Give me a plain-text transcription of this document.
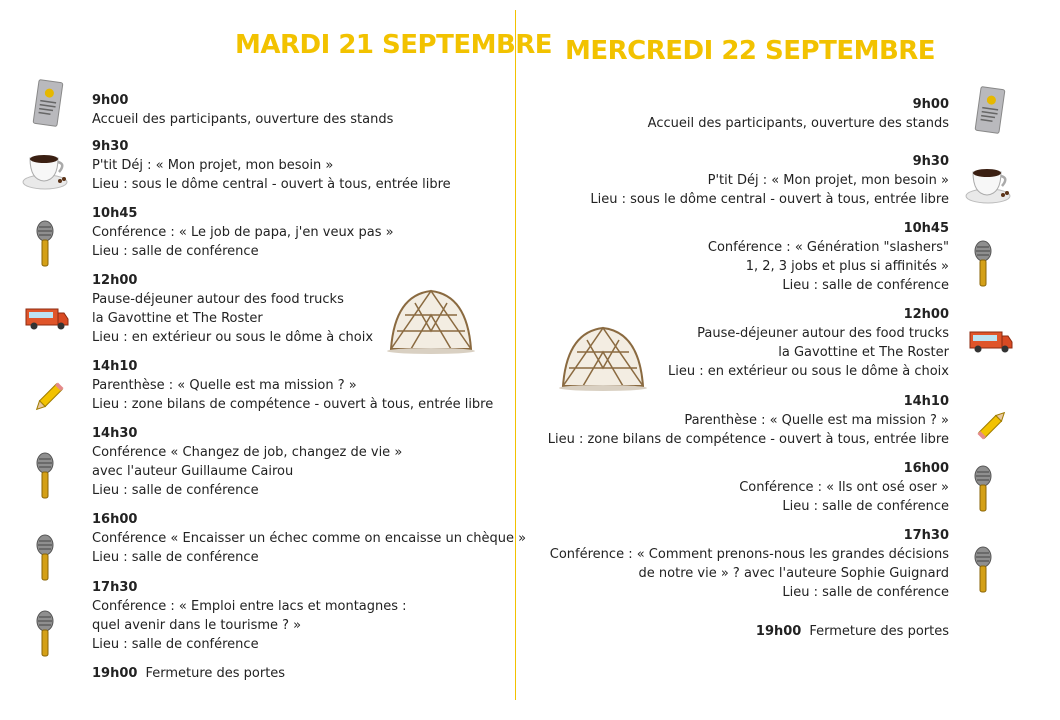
MARDI 21 SEPTEMBRE
9h00
Accueil des participants, ouverture des stands
9h30
P'tit Déj : « Mon projet, mon besoin »
Lieu : sous le dôme central - ouvert à tous, entrée libre
10h45
Conférence : « Le job de papa, j'en veux pas »
Lieu : salle de conférence
12h00
Pause-déjeuner autour des food trucks
la Gavottine et The Roster
Lieu : en extérieur ou sous le dôme à choix
14h10
Parenthèse : « Quelle est ma mission ? »
Lieu : zone bilans de compétence - ouvert à tous, entrée libre
14h30
Conférence « Changez de job, changez de vie »
avec l'auteur Guillaume Cairou
Lieu : salle de conférence
16h00
Conférence « Encaisser un échec comme on encaisse un chèque »
Lieu : salle de conférence
17h30
Conférence : « Emploi entre lacs et montagnes :
quel avenir dans le tourisme ? »
Lieu : salle de conférence
19h00 Fermeture des portes
MERCREDI 22 SEPTEMBRE
9h00
Accueil des participants, ouverture des stands
9h30
P'tit Déj : « Mon projet, mon besoin »
Lieu : sous le dôme central - ouvert à tous, entrée libre
10h45
Conférence : « Génération "slashers"
1, 2, 3 jobs et plus si affinités »
Lieu : salle de conférence
12h00
Pause-déjeuner autour des food trucks
la Gavottine et The Roster
Lieu : en extérieur ou sous le dôme à choix
14h10
Parenthèse : « Quelle est ma mission ? »
Lieu : zone bilans de compétence - ouvert à tous, entrée libre
16h00
Conférence : « Ils ont osé oser »
Lieu : salle de conférence
17h30
Conférence : « Comment prenons-nous les grandes décisions
de notre vie » ? avec l'auteure Sophie Guignard
Lieu : salle de conférence
19h00 Fermeture des portes
